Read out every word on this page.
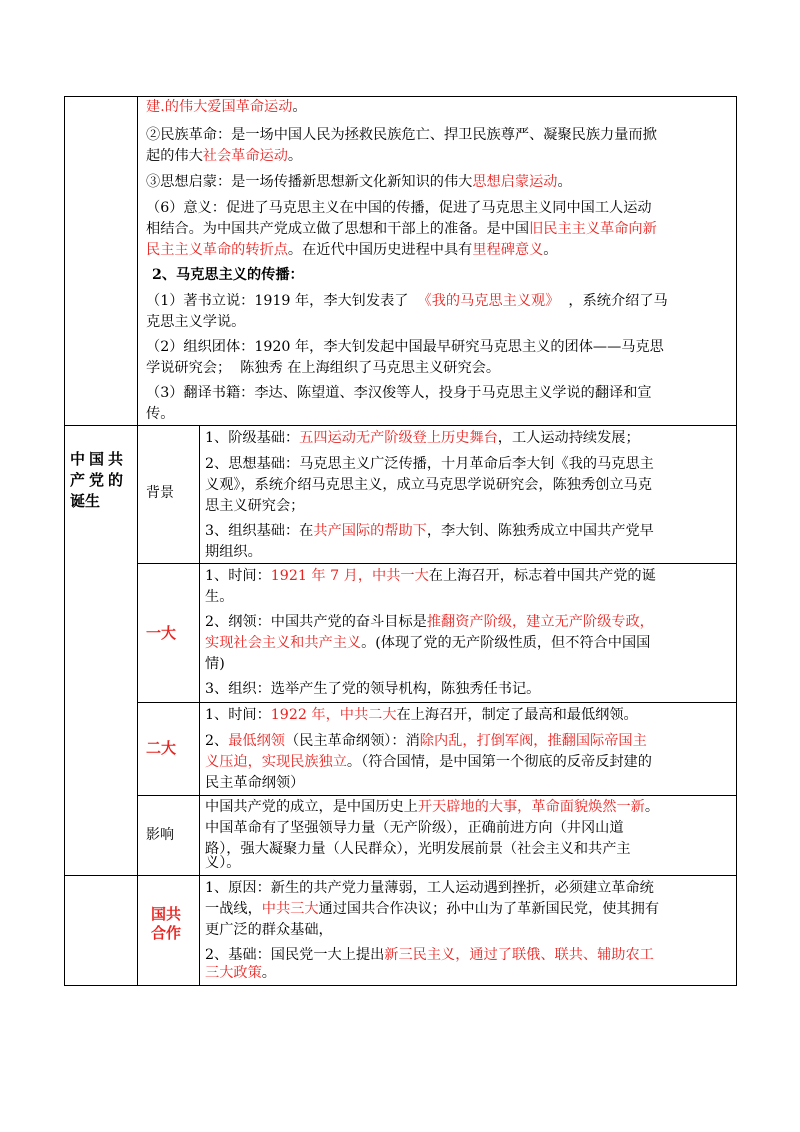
建.的伟大爱国革命运动。

②民族革命：是一场中国人民为拯救民族危亡、捍卫民族尊严、凝聚民族力量而掀

起的伟大社会革命运动。

③思想启蒙：是一场传播新思想新文化新知识的伟大思想启蒙运动。

（6）意义：促进了马克思主义在中国的传播，促进了马克思主义同中国工人运动

相结合。为中国共产党成立做了思想和干部上的准备。是中国旧民主主义革命向新

民主主义革命的转折点。在近代中国历史进程中具有里程碑意义。

2、马克思主义的传播：

（1）著书立说：1919 年，李大钊发表了 《我的马克思主义观》 ，系统介绍了马

克思主义学说。

（2）组织团体：1920 年，李大钊发起中国最早研究马克思主义的团体——马克思

学说研究会； 陈独秀 在上海组织了马克思主义研究会。

（3）翻译书籍：李达、陈望道、李汉俊等人，投身于马克思主义学说的翻译和宣

传。

中国共
产党的
诞生	背景

1、阶级基础：五四运动无产阶级登上历史舞台，工人运动持续发展；

2、思想基础：马克思主义广泛传播，十月革命后李大钊《我的马克思主

义观》，系统介绍马克思主义，成立马克思学说研究会，陈独秀创立马克

思主义研究会；

3、组织基础：在共产国际的帮助下，李大钊、陈独秀成立中国共产党早

期组织。

一大

1、时间：1921 年 7 月，中共一大在上海召开，标志着中国共产党的诞

生。

2、纲领：中国共产党的奋斗目标是推翻资产阶级，建立无产阶级专政，

实现社会主义和共产主义。(体现了党的无产阶级性质，但不符合中国国

情)

3、组织：选举产生了党的领导机构，陈独秀任书记。

二大

1、时间：1922 年，中共二大在上海召开，制定了最高和最低纲领。

2、最低纲领（民主革命纲领）：消除内乱，打倒军阀，推翻国际帝国主

义压迫，实现民族独立。（符合国情，是中国第一个彻底的反帝反封建的

民主革命纲领）

影响

中国共产党的成立，是中国历史上开天辟地的大事，革命面貌焕然一新。

中国革命有了坚强领导力量（无产阶级），正确前进方向（井冈山道

路），强大凝聚力量（人民群众），光明发展前景（社会主义和共产主

义）。

国共
合作

1、原因：新生的共产党力量薄弱，工人运动遇到挫折，必须建立革命统

一战线，中共三大通过国共合作决议；孙中山为了革新国民党，使其拥有

更广泛的群众基础，

2、基础：国民党一大上提出新三民主义，通过了联俄、联共、辅助农工

三大政策。
